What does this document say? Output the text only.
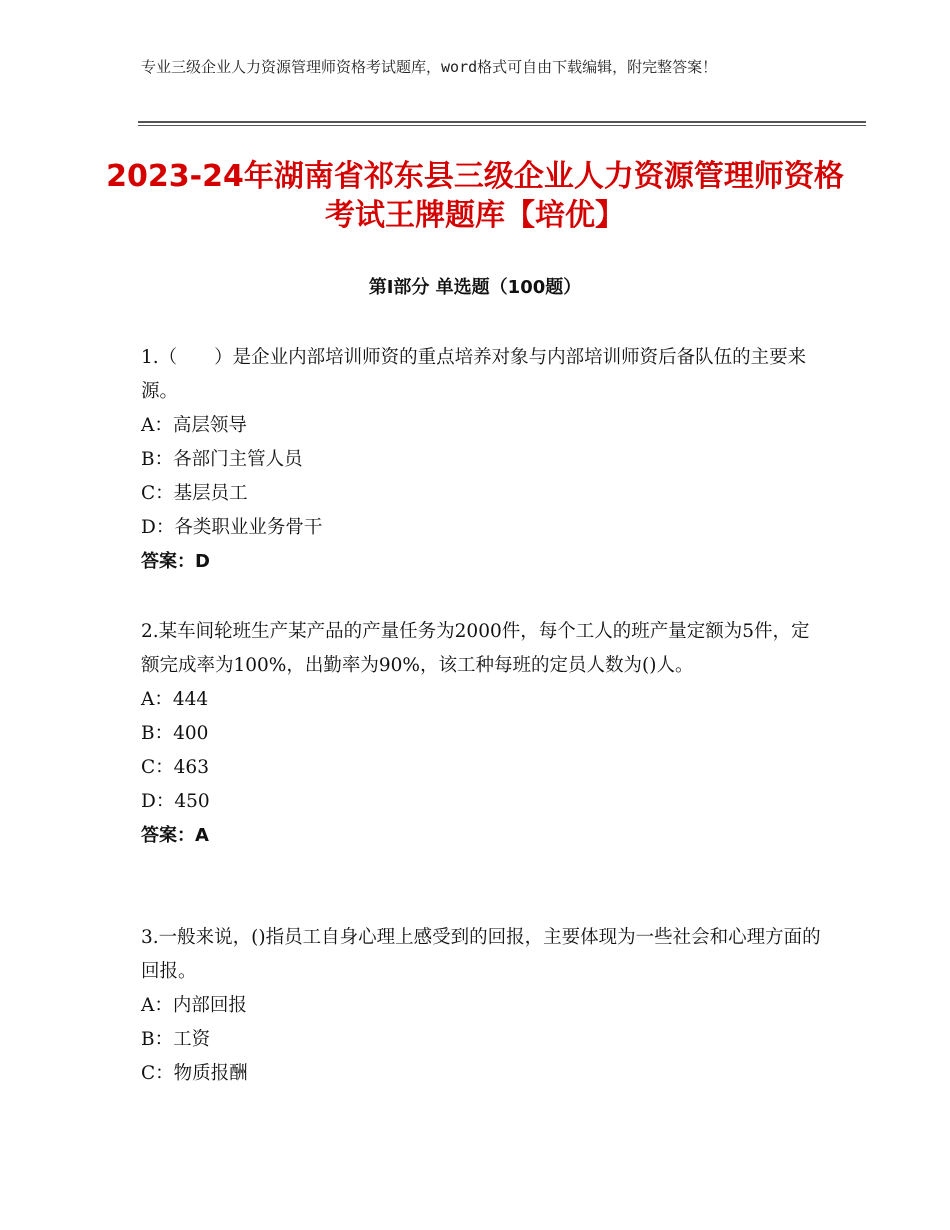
专业三级企业人力资源管理师资格考试题库，word格式可自由下载编辑，附完整答案！
2023-24年湖南省祁东县三级企业人力资源管理师资格考试王牌题库【培优】
第Ⅰ部分 单选题（100题）

1.（　　）是企业内部培训师资的重点培养对象与内部培训师资后备队伍的主要来源。

A：高层领导

B：各部门主管人员

C：基层员工

D：各类职业业务骨干

答案：D

2.某车间轮班生产某产品的产量任务为2000件，每个工人的班产量定额为5件，定额完成率为100%，出勤率为90%，该工种每班的定员人数为()人。

A：444

B：400

C：463

D：450

答案：A

3.一般来说，()指员工自身心理上感受到的回报，主要体现为一些社会和心理方面的回报。

A：内部回报

B：工资

C：物质报酬
